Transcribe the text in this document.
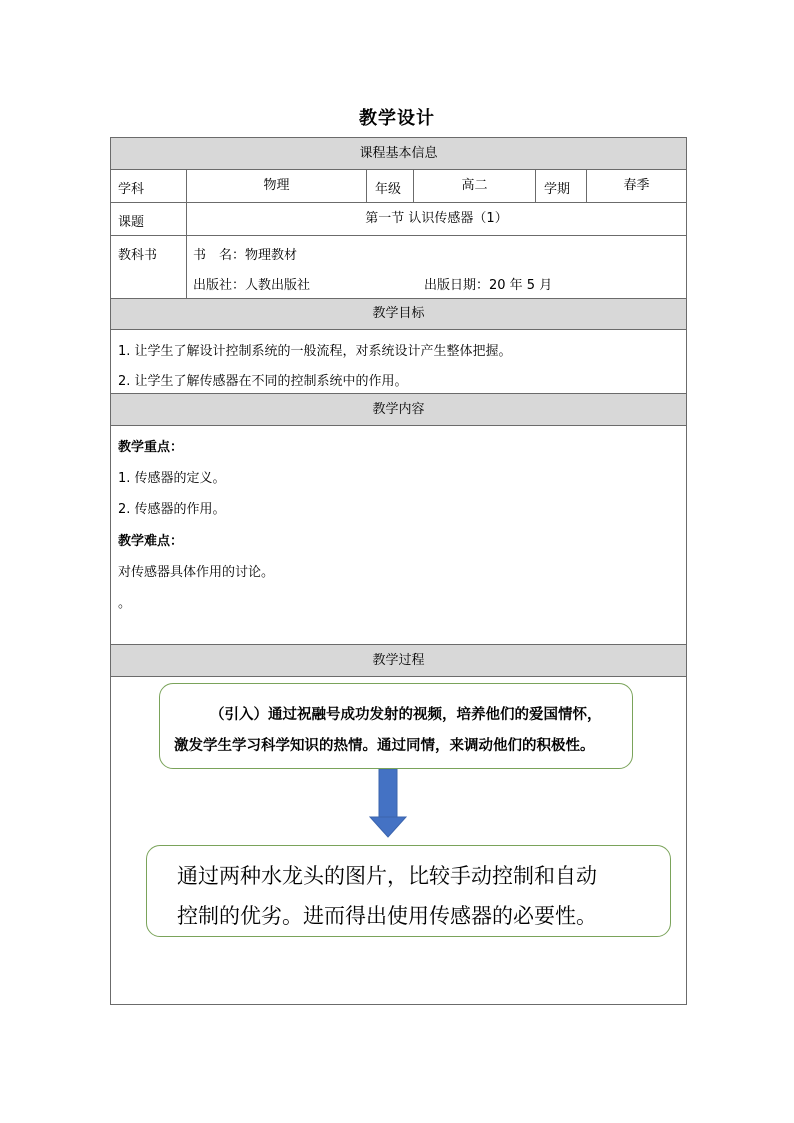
教学设计
课程基本信息
学科	物理	年级	高二	学期	春季
课题	第一节 认识传感器（1）
教科书	书　名：物理教材
出版社：人教出版社	出版日期：20 年 5 月
教学目标
1. 让学生了解设计控制系统的一般流程，对系统设计产生整体把握。
2. 让学生了解传感器在不同的控制系统中的作用。
教学内容
教学重点：
1. 传感器的定义。
2. 传感器的作用。
教学难点：
对传感器具体作用的讨论。
。
教学过程
（引入）通过祝融号成功发射的视频，培养他们的爱国情怀，
激发学生学习科学知识的热情。通过同情，来调动他们的积极性。
通过两种水龙头的图片，比较手动控制和自动
控制的优劣。进而得出使用传感器的必要性。
